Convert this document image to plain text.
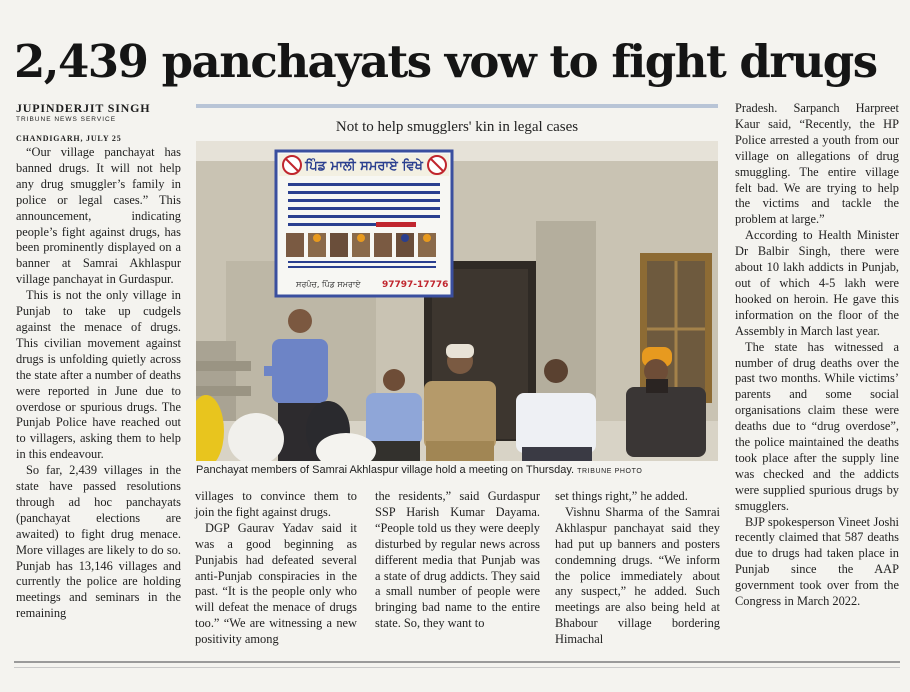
2,439 panchayats vow to fight drugs
JUPINDERJIT SINGH
TRIBUNE NEWS SERVICE

CHANDIGARH, JULY 25

“Our village panchayat has banned drugs. It will not help any drug smuggler’s family in police or legal cases.” This announcement, indicating people’s fight against drugs, has been prominently displayed on a banner at Samrai Akhlaspur village panchayat in Gurdaspur.

This is not the only village in Punjab to take up cudgels against the menace of drugs. This civilian movement against drugs is unfolding quietly across the state after a number of deaths were reported in June due to overdose or spurious drugs. The Punjab Police have reached out to villagers, asking them to help in this endeavour.

So far, 2,439 villages in the state have passed resolutions through ad hoc panchayats (panchayat elections are awaited) to fight drug menace. More villages are likely to do so. Punjab has 13,146 villages and currently the police are holding meetings and seminars in the remaining

Not to help smugglers' kin in legal cases
ਪਿੰਡ ਮਾਲੀ ਸਮਰਾਏ ਵਿਖੇ
ਸਰਪੰਚ, ਪਿੰਡ ਸਮਰਾਏ 97797-17776
Panchayat members of Samrai Akhlaspur village hold a meeting on Thursday. TRIBUNE PHOTO

villages to convince them to join the fight against drugs.

DGP Gaurav Yadav said it was a good beginning as Punjabis had defeated several anti-Punjab conspiracies in the past. “It is the people only who will defeat the menace of drugs too.” “We are witnessing a new positivity among

the residents,” said Gurdaspur SSP Harish Kumar Dayama. “People told us they were deeply disturbed by regular news across different media that Punjab was a state of drug addicts. They said a small number of people were bringing bad name to the entire state. So, they want to

set things right,” he added.

Vishnu Sharma of the Samrai Akhlaspur panchayat said they had put up banners and posters condemning drugs. “We inform the police immediately about any suspect,” he added. Such meetings are also being held at Bhabour village bordering Himachal

Pradesh. Sarpanch Harpreet Kaur said, “Recently, the HP Police arrested a youth from our village on allegations of drug smuggling. The entire village felt bad. We are trying to help the victims and tackle the problem at large.”

According to Health Minister Dr Balbir Singh, there were about 10 lakh addicts in Punjab, out of which 4-5 lakh were hooked on heroin. He gave this information on the floor of the Assembly in March last year.

The state has witnessed a number of drug deaths over the past two months. While victims’ parents and some social organisations claim these were deaths due to “drug overdose”, the police maintained the deaths took place after the supply line was checked and the addicts were supplied spurious drugs by smugglers.

BJP spokesperson Vineet Joshi recently claimed that 587 deaths due to drugs had taken place in Punjab since the AAP government took over from the Congress in March 2022.
